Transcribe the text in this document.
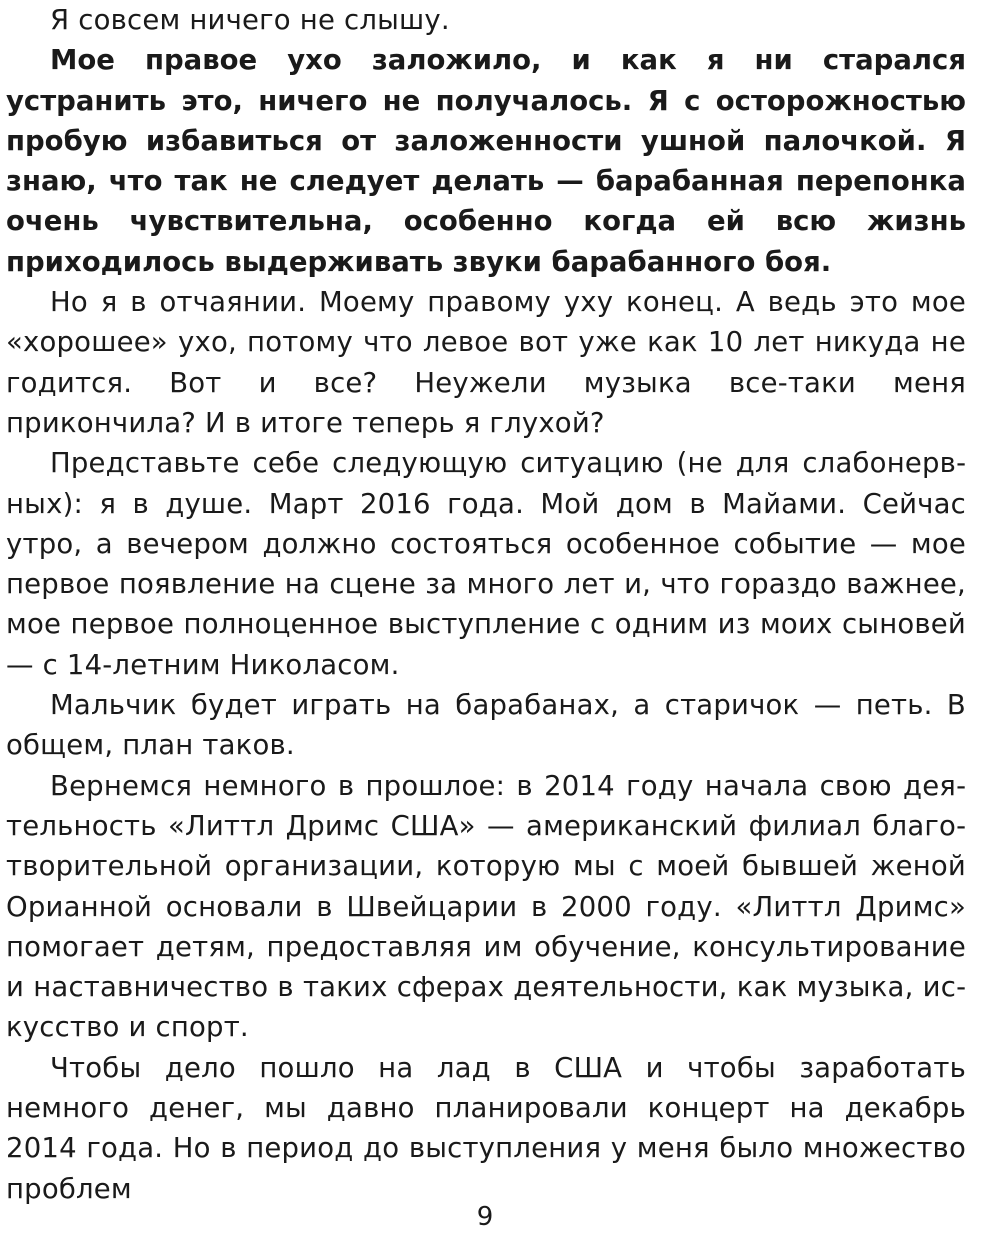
Я совсем ничего не слышу.

Мое правое ухо заложило, и как я ни старался устранить это, ничего не получалось. Я с осторожностью пробую избавиться от заложенности ушной палочкой. Я знаю, что так не следует делать — барабанная перепонка очень чувствительна, особенно когда ей всю жизнь приходилось выдерживать звуки барабанного боя.

Но я в отчаянии. Моему правому уху конец. А ведь это мое «хорошее» ухо, потому что левое вот уже как 10 лет никуда не годится. Вот и все? Неужели музыка все-таки меня прикончила? И в итоге теперь я глухой?

Представьте себе следующую ситуацию (не для слабонервных): я в душе. Март 2016 года. Мой дом в Майами. Сейчас утро, а вечером должно состояться особенное событие — мое первое появление на сцене за много лет и, что гораздо важнее, мое первое полноценное выступление с одним из моих сыновей — с 14-летним Николасом.

Мальчик будет играть на барабанах, а старичок — петь. В общем, план таков.

Вернемся немного в прошлое: в 2014 году начала свою деятельность «Литтл Дримс США» — американский филиал благотворительной организации, которую мы с моей бывшей женой Орианной основали в Швейцарии в 2000 году. «Литтл Дримс» помогает детям, предоставляя им обучение, консультирование и наставничество в таких сферах деятельности, как музыка, искусство и спорт.

Чтобы дело пошло на лад в США и чтобы заработать немного денег, мы давно планировали концерт на декабрь 2014 года. Но в период до выступления у меня было множество проблем

9
